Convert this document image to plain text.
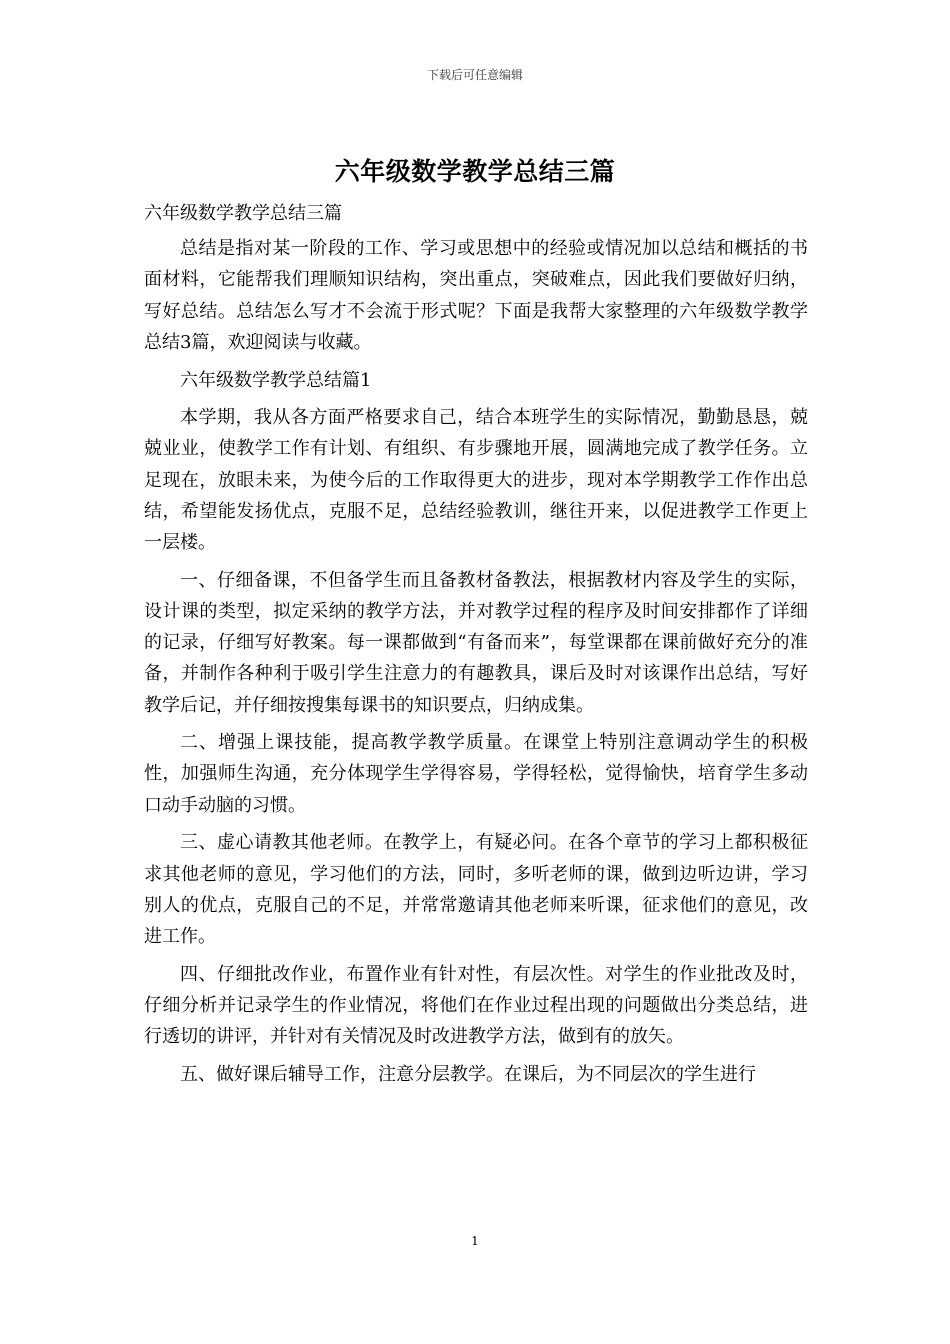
下载后可任意编辑
六年级数学教学总结三篇

六年级数学教学总结三篇

总结是指对某一阶段的工作、学习或思想中的经验或情况加以总结和概括的书面材料，它能帮我们理顺知识结构，突出重点，突破难点，因此我们要做好归纳，写好总结。总结怎么写才不会流于形式呢？下面是我帮大家整理的六年级数学教学总结3篇，欢迎阅读与收藏。

六年级数学教学总结篇1

本学期，我从各方面严格要求自己，结合本班学生的实际情况，勤勤恳恳，兢兢业业，使教学工作有计划、有组织、有步骤地开展，圆满地完成了教学任务。立足现在，放眼未来，为使今后的工作取得更大的进步，现对本学期教学工作作出总结，希望能发扬优点，克服不足，总结经验教训，继往开来，以促进教学工作更上一层楼。

一、仔细备课，不但备学生而且备教材备教法，根据教材内容及学生的实际，设计课的类型，拟定采纳的教学方法，并对教学过程的程序及时间安排都作了详细的记录，仔细写好教案。每一课都做到“有备而来”，每堂课都在课前做好充分的准备，并制作各种利于吸引学生注意力的有趣教具，课后及时对该课作出总结，写好教学后记，并仔细按搜集每课书的知识要点，归纳成集。

二、增强上课技能，提高教学教学质量。在课堂上特别注意调动学生的积极性，加强师生沟通，充分体现学生学得容易，学得轻松，觉得愉快，培育学生多动口动手动脑的习惯。

三、虚心请教其他老师。在教学上，有疑必问。在各个章节的学习上都积极征求其他老师的意见，学习他们的方法，同时，多听老师的课，做到边听边讲，学习别人的优点，克服自己的不足，并常常邀请其他老师来听课，征求他们的意见，改进工作。

四、仔细批改作业，布置作业有针对性，有层次性。对学生的作业批改及时，仔细分析并记录学生的作业情况，将他们在作业过程出现的问题做出分类总结，进行透切的讲评，并针对有关情况及时改进教学方法，做到有的放矢。

五、做好课后辅导工作，注意分层教学。在课后，为不同层次的学生进行

1
